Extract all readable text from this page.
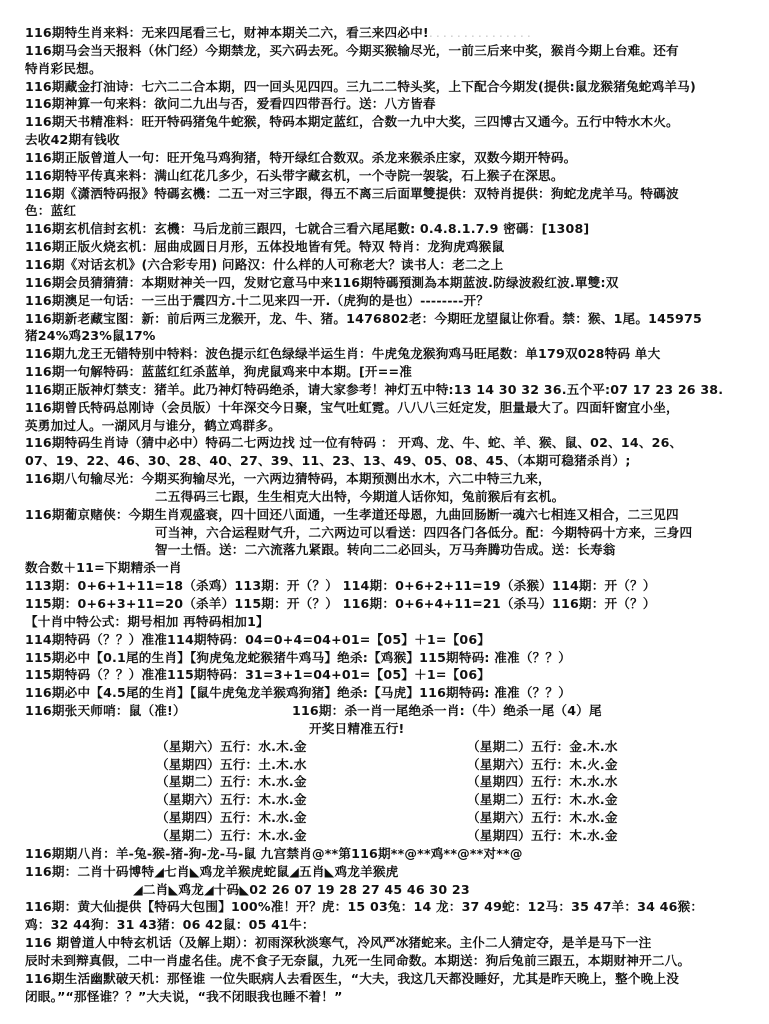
116期特生肖来料：无来四尾看三七，财神本期关二六，看三来四必中!...............
116期马会当天报料（休门经）今期禁龙，买六码去死。今期买猴输尽光，一前三后来中奖，猴肖今期上台难。还有
特肖彩民想。
116期藏金打油诗：七六二二合本期，四一回头见四四。三九二二特头奖，上下配合今期发(提供:鼠龙猴猪兔蛇鸡羊马)
116期神算一句来料：欲问二九出与否，爱看四四带吾行。送：八方皆春
116期天书精准料：旺开特码猪兔牛蛇猴，特码本期定蓝红，合数一九中大奖，三四博古又通今。五行中特水木火。
去收42期有钱收
116期正版曾道人一句：旺开兔马鸡狗猪，特开绿红合数双。杀龙来猴杀庄家，双数今期开特码。
116期特平传真来料：满山红花几多少，石头带字藏玄机，一个寺院一袈裟，石上猴子在深思。
116期《潇洒特码报》特碼玄機：二五一对三字跟，得五不离三后面單雙提供：双特肖提供：狗蛇龙虎羊马。特碼波
色：蓝红
116期玄机信封玄机：玄機：马后龙前三跟四，七就合三看六尾尾數: 0.4.8.1.7.9 密碼：[1308]
116期正版火烧玄机：屈曲成圆日月形，五体投地皆有凭。特双 特肖：龙狗虎鸡猴鼠
116期《对话玄机》(六合彩专用) 问路汉：什么样的人可称老大？读书人：老二之上
116期会员猜猜猜：本期财神关一四，发财它意马中来116期特碼預測為本期蓝波.防绿波殺红波.單雙:双
116期澳足一句话：一三出于震四方.十二见来四一开.（虎狗的是也）--------开？
116期新老藏宝图：新：前后两三龙猴开，龙、牛、猪。1476802老：今期旺龙望鼠让你看。禁：猴、1尾。145975
猪24%鸡23%鼠17%
116期九龙王无错特别中特料：波色提示红色绿绿半运生肖：牛虎兔龙猴狗鸡马旺尾数：单179双028特码 单大
116期一句解特码：蓝蓝红红杀蓝单，狗虎鼠鸡来中本期。[开==准
116期正版神灯禁支：猪羊。此乃神灯特码绝杀，请大家参考！神灯五中特:13 14 30 32 36.五个平:07 17 23 26 38.
116期曾氏特码总刚诗（会员版）十年深交今日聚，宝气吐虹霓。八八八三妊定发，胆量最大了。四面轩窗宜小坐，
英勇加过人。一湖风月与谁分，鹤立鸡群多。
116期特码生肖诗（猜中必中）特码二七两边找 过一位有特码 ： 开鸡、龙、牛、蛇、羊、猴、鼠、02、14、26、
07、19、22、46、30、28、40、27、39、11、23、13、49、05、08、45、（本期可稳猪杀肖）;
116期八句输尽光：今期买狗输尽光，一六两边猜特码，本期预测出水木，六二中特三九来，
二五得码三七跟，生生相克大出特，今期道人话你知，兔前猴后有玄机。
116期葡京赌侠：今期生肖观盛衰，四十回还八面通，一生孝道还母恩，九曲回肠断一魂六七相连又相合，二三见四
可当神，六合运程财气升，二六两边可以看送：四四各门各低分。配：今期特码十方来，三身四
智一土悟。送：二六流落九紧跟。转向二二必回头，万马奔腾功告成。送：长寿翁
数合数＋11=下期精杀一肖
113期：0+6+1+11=18（杀鸡）113期：开（？） 114期：0+6+2+11=19（杀猴）114期：开（？）
115期：0+6+3+11=20（杀羊）115期：开（？） 116期：0+6+4+11=21（杀马）116期：开（？）
【十肖中特公式：期号相加 再特码相加1】
114期特码（？？）准准114期特码：04=0+4=04+01=【05】＋1=【06】
115期必中【0.1尾的生肖】【狗虎兔龙蛇猴猪牛鸡马】绝杀:【鸡猴】115期特码: 准准（？？）
115期特码（？？）准准115期特码：31=3+1=04+01=【05】＋1=【06】
116期必中【4.5尾的生肖】【鼠牛虎兔龙羊猴鸡狗猪】绝杀:【马虎】116期特码: 准准（？？）
116期张天师哨：鼠（准!）	116期：杀一肖一尾绝杀一肖:（牛）绝杀一尾（4）尾
开奖日精准五行!
（星期六）五行：水.木.金	（星期二）五行：金.木.水
（星期四）五行：土.木.水	（星期六）五行：木.火.金
（星期二）五行：木.水.金	（星期四）五行：木.水.水
（星期六）五行：木.水.金	（星期二）五行：木.水.金
（星期四）五行：木.水.金	（星期六）五行：木.水.金
（星期二）五行：木.水.金	（星期四）五行：木.水.金
116期期八肖：羊-兔-猴-猪-狗-龙-马-鼠 九宫禁肖@**第116期**@**鸡**@**对**@
116期：二肖十码博特◢七肖◣鸡龙羊猴虎蛇鼠◢五肖◣鸡龙羊猴虎
◢二肖◣鸡龙◢十码◣02 26 07 19 28 27 45 46 30 23
116期：黄大仙提供【特码大包围】100%准！开？虎：15 03兔：14 龙：37 49蛇：12马：35 47羊：34 46猴：
鸡：32 44狗：31 43猪：06 42鼠：05 41牛：
116 期曾道人中特玄机话（及解上期）：初雨深秋淡寒气，冷风严冰猪蛇来。主仆二人猜定夺，是羊是马下一注
辰时未到辩真假，二中一肖虚名佳。虎不食子无奈鼠，九死一生同命数。本期送：狗后兔前三跟五，本期财神开二八。
116期生活幽默破天机：那怪谁 一位失眠病人去看医生，“大夫，我这几天都没睡好，尤其是昨天晚上，整个晚上没
闭眼。”“那怪谁？？”大夫说，“我不闭眼我也睡不着！”
